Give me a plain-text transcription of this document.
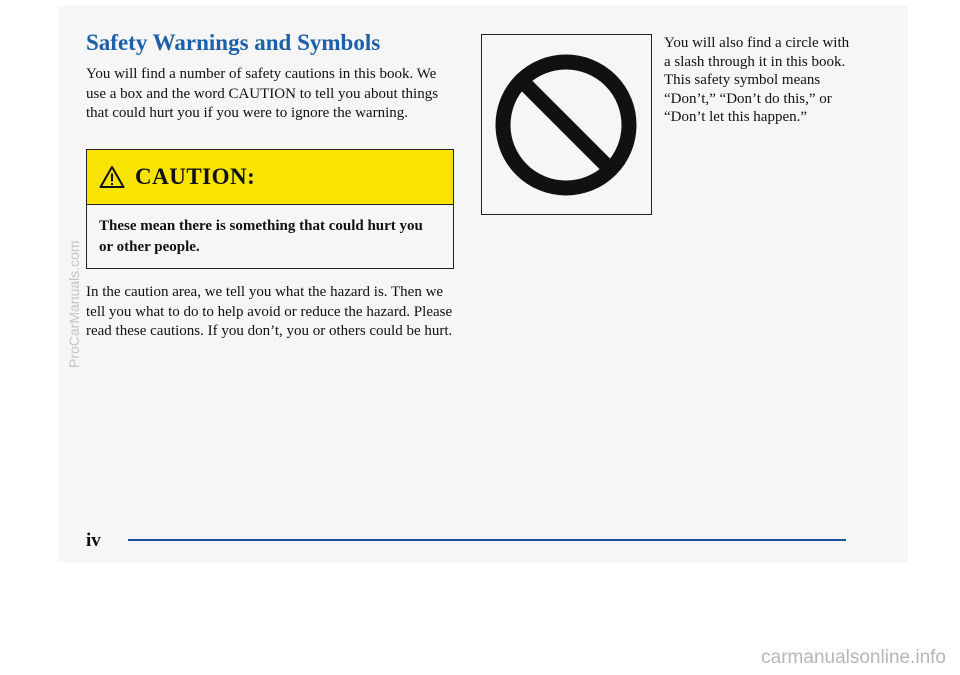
Safety Warnings and Symbols
You will find a number of safety cautions in this book. We use a box and the word CAUTION to tell you about things that could hurt you if you were to ignore the warning.
CAUTION:
These mean there is something that could hurt you or other people.
In the caution area, we tell you what the hazard is. Then we tell you what to do to help avoid or reduce the hazard. Please read these cautions. If you don’t, you or others could be hurt.
You will also find a circle with a slash through it in this book. This safety symbol means “Don’t,” “Don’t do this,” or “Don’t let this happen.”
iv
ProCarManuals.com
carmanualsonline.info
